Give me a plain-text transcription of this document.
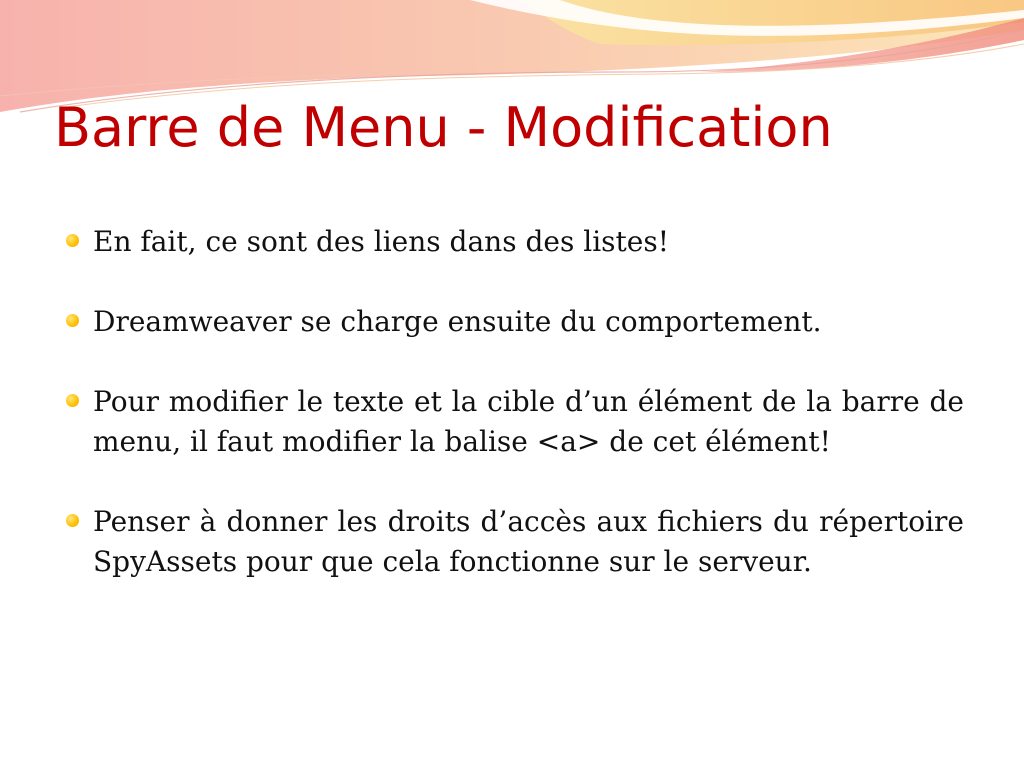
Barre de Menu - Modification
En fait, ce sont des liens dans des listes!
Dreamweaver se charge ensuite du comportement.
Pour modifier le texte et la cible d’un élément de la barre de menu, il faut modifier la balise <a> de cet élément!
Penser à donner les droits d’accès aux fichiers du répertoire SpyAssets pour que cela fonctionne sur le serveur.
